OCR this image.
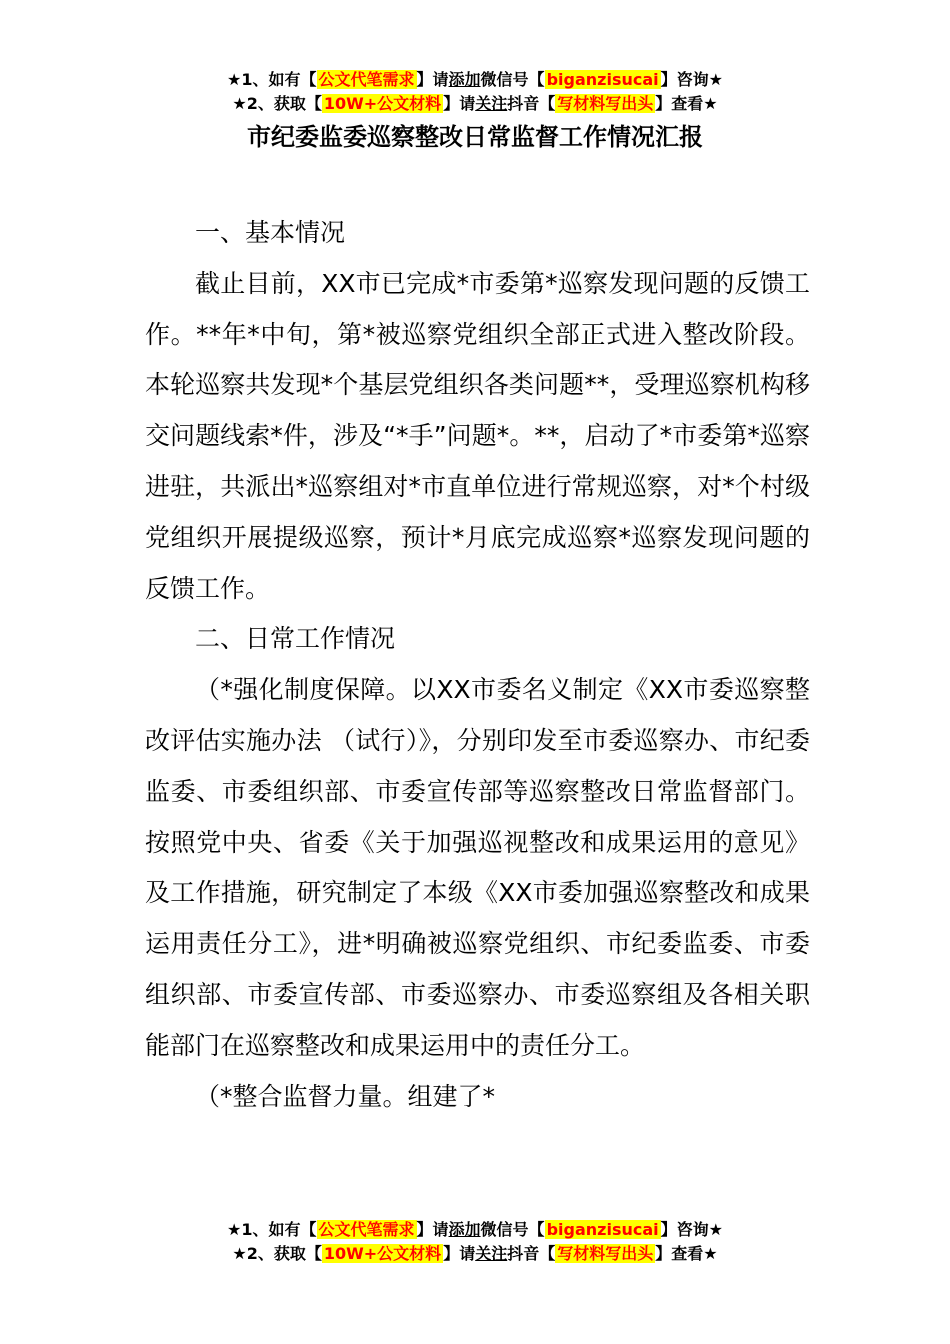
★1、如有【 公文代笔需求 】请添加微信号【 biganzisucai 】咨询★
★2、获取【 10W+公文材料 】请关注抖音【 写材料写出头 】查看★
市纪委监委巡察整改日常监督工作情况汇报

一、基本情况

截止目前，XX市已完成*市委第*巡察发现问题的反馈工作。**年*中旬，第*被巡察党组织全部正式进入整改阶段。本轮巡察共发现*个基层党组织各类问题**，受理巡察机构移交问题线索*件，涉及“*手”问题*。**，启动了*市委第*巡察进驻，共派出*巡察组对*市直单位进行常规巡察，对*个村级党组织开展提级巡察，预计*月底完成巡察*巡察发现问题的反馈工作。

二、日常工作情况

（*强化制度保障。以XX市委名义制定《XX市委巡察整改评估实施办法 （试行）》，分别印发至市委巡察办、市纪委监委、市委组织部、市委宣传部等巡察整改日常监督部门。按照党中央、省委《关于加强巡视整改和成果运用的意见》及工作措施，研究制定了本级《XX市委加强巡察整改和成果运用责任分工》，进*明确被巡察党组织、市纪委监委、市委组织部、市委宣传部、市委巡察办、市委巡察组及各相关职能部门在巡察整改和成果运用中的责任分工。

（*整合监督力量。组建了*

★1、如有【 公文代笔需求 】请添加微信号【 biganzisucai 】咨询★
★2、获取【 10W+公文材料 】请关注抖音【 写材料写出头 】查看★
